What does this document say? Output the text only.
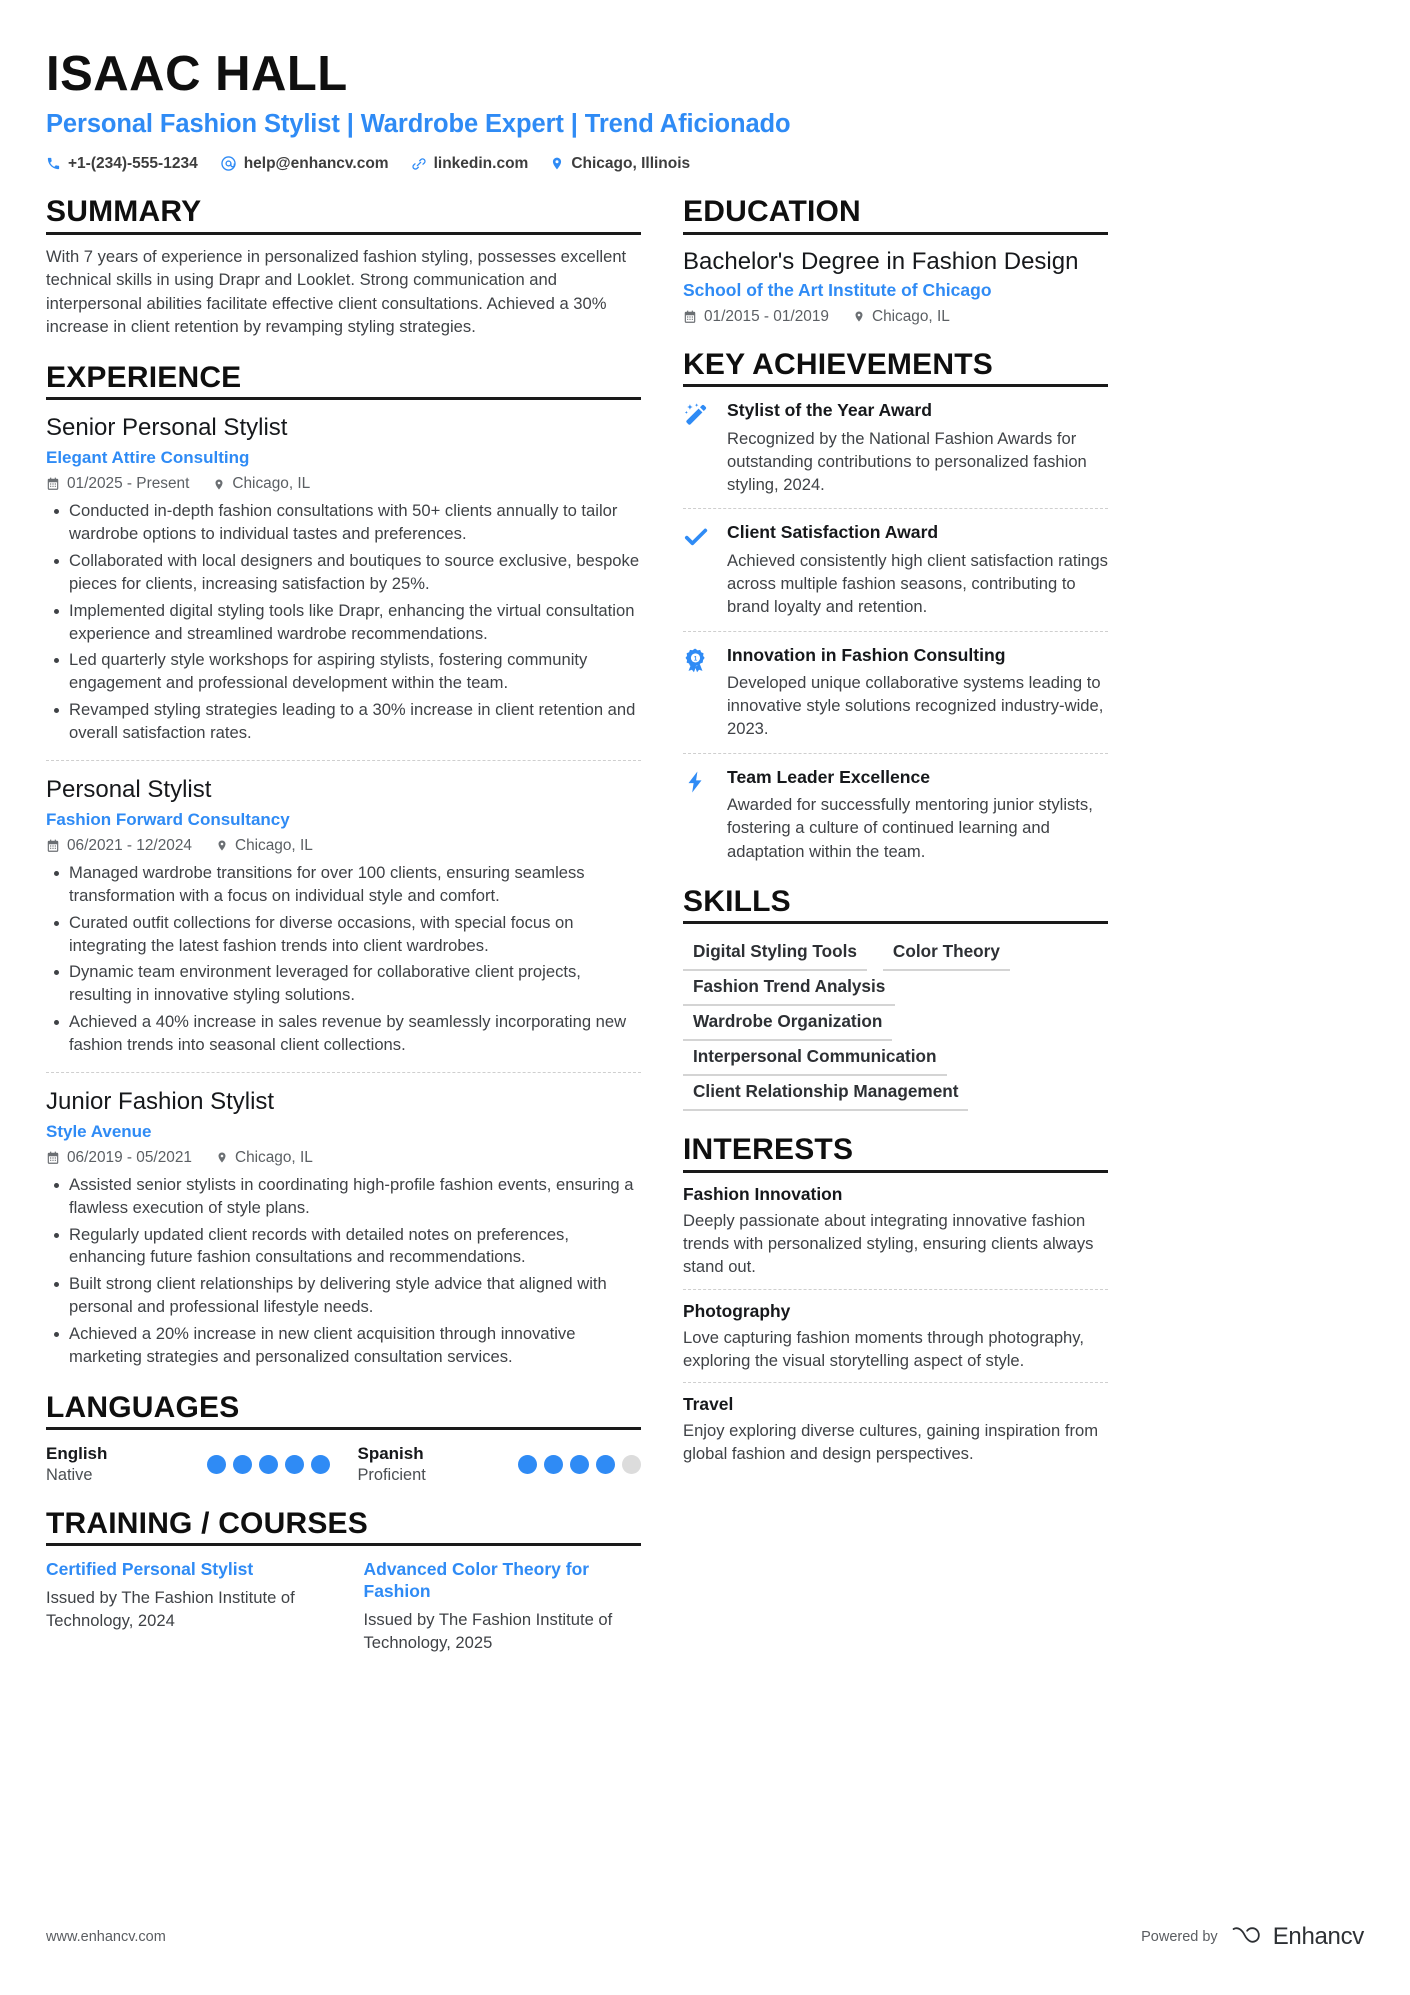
ISAAC HALL
Personal Fashion Stylist | Wardrobe Expert | Trend Aficionado
+1-(234)-555-1234	help@enhancv.com	linkedin.com	Chicago, Illinois
SUMMARY
With 7 years of experience in personalized fashion styling, possesses excellent technical skills in using Drapr and Looklet. Strong communication and interpersonal abilities facilitate effective client consultations. Achieved a 30% increase in client retention by revamping styling strategies.
EXPERIENCE
Senior Personal Stylist
Elegant Attire Consulting
01/2025 - Present	Chicago, IL
Conducted in-depth fashion consultations with 50+ clients annually to tailor wardrobe options to individual tastes and preferences.
Collaborated with local designers and boutiques to source exclusive, bespoke pieces for clients, increasing satisfaction by 25%.
Implemented digital styling tools like Drapr, enhancing the virtual consultation experience and streamlined wardrobe recommendations.
Led quarterly style workshops for aspiring stylists, fostering community engagement and professional development within the team.
Revamped styling strategies leading to a 30% increase in client retention and overall satisfaction rates.
Personal Stylist
Fashion Forward Consultancy
06/2021 - 12/2024	Chicago, IL
Managed wardrobe transitions for over 100 clients, ensuring seamless transformation with a focus on individual style and comfort.
Curated outfit collections for diverse occasions, with special focus on integrating the latest fashion trends into client wardrobes.
Dynamic team environment leveraged for collaborative client projects, resulting in innovative styling solutions.
Achieved a 40% increase in sales revenue by seamlessly incorporating new fashion trends into seasonal client collections.
Junior Fashion Stylist
Style Avenue
06/2019 - 05/2021	Chicago, IL
Assisted senior stylists in coordinating high-profile fashion events, ensuring a flawless execution of style plans.
Regularly updated client records with detailed notes on preferences, enhancing future fashion consultations and recommendations.
Built strong client relationships by delivering style advice that aligned with personal and professional lifestyle needs.
Achieved a 20% increase in new client acquisition through innovative marketing strategies and personalized consultation services.
LANGUAGES
English
Native
Spanish
Proficient
TRAINING / COURSES
Certified Personal Stylist
Issued by The Fashion Institute of Technology, 2024
Advanced Color Theory for Fashion
Issued by The Fashion Institute of Technology, 2025
EDUCATION
Bachelor's Degree in Fashion Design
School of the Art Institute of Chicago
01/2015 - 01/2019	Chicago, IL
KEY ACHIEVEMENTS
Stylist of the Year Award
Recognized by the National Fashion Awards for outstanding contributions to personalized fashion styling, 2024.
Client Satisfaction Award
Achieved consistently high client satisfaction ratings across multiple fashion seasons, contributing to brand loyalty and retention.
1 Innovation in Fashion Consulting
Developed unique collaborative systems leading to innovative style solutions recognized industry-wide, 2023.
Team Leader Excellence
Awarded for successfully mentoring junior stylists, fostering a culture of continued learning and adaptation within the team.
SKILLS
Digital Styling Tools	Color Theory
Fashion Trend Analysis
Wardrobe Organization
Interpersonal Communication
Client Relationship Management
INTERESTS
Fashion Innovation
Deeply passionate about integrating innovative fashion trends with personalized styling, ensuring clients always stand out.
Photography
Love capturing fashion moments through photography, exploring the visual storytelling aspect of style.
Travel
Enjoy exploring diverse cultures, gaining inspiration from global fashion and design perspectives.
www.enhancv.com	Powered by Enhancv
